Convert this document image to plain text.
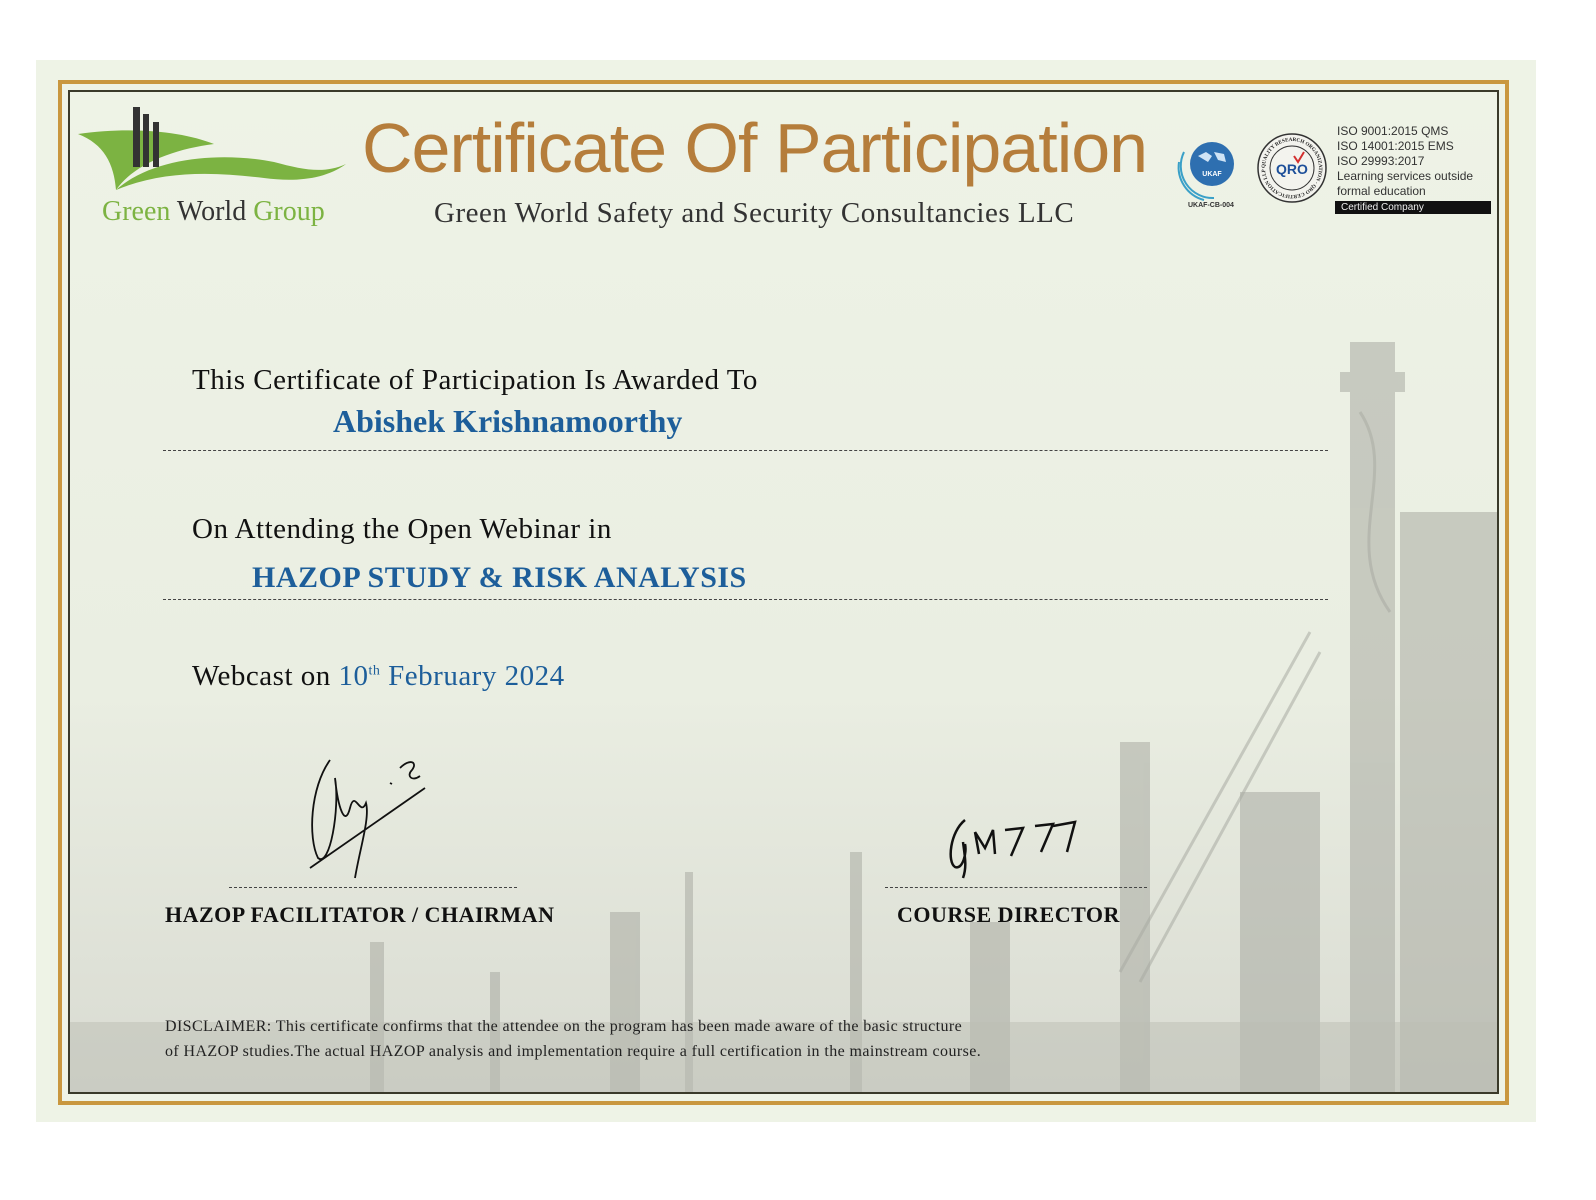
Green World Group
Certificate Of Participation
Green World Safety and Security Consultancies LLC
UKAF
UKAF-CB-004
QUALITY RESEARCH ORGANIZATION · QRO CERTIFICATION LLP QRO
ISO 9001:2015 QMS
ISO 14001:2015 EMS
ISO 29993:2017
Learning services outside
formal education
Certified Company
This Certificate of Participation Is Awarded To
Abishek Krishnamoorthy
On Attending the Open Webinar in
HAZOP STUDY & RISK ANALYSIS
Webcast on 10th February 2024
HAZOP FACILITATOR / CHAIRMAN	COURSE DIRECTOR
DISCLAIMER: This certificate confirms that the attendee on the program has been made aware of the basic structure
of HAZOP studies.The actual HAZOP analysis and implementation require a full certification in the mainstream course.
